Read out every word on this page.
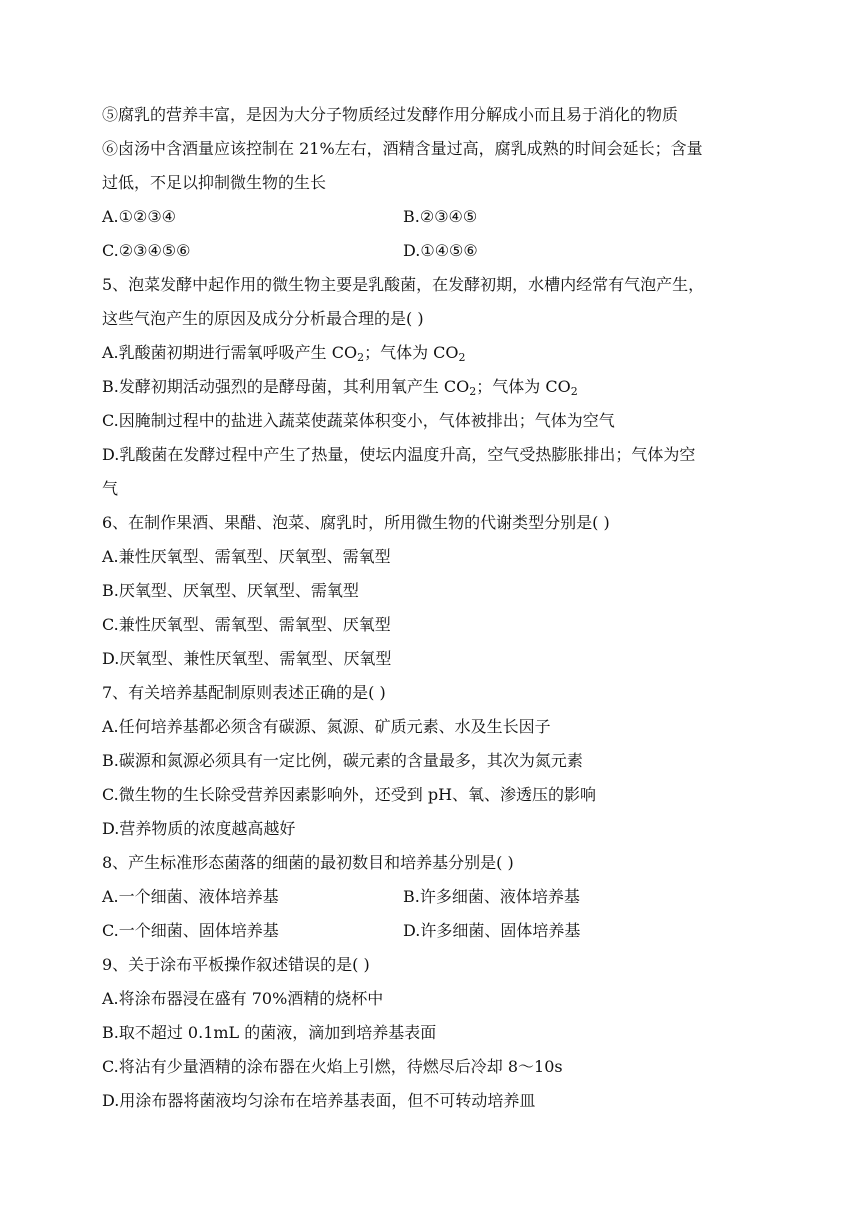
⑤腐乳的营养丰富，是因为大分子物质经过发酵作用分解成小而且易于消化的物质
⑥卤汤中含酒量应该控制在 21%左右，酒精含量过高，腐乳成熟的时间会延长；含量
过低，不足以抑制微生物的生长
A.①②③④	B.②③④⑤
C.②③④⑤⑥	D.①④⑤⑥
5、泡菜发酵中起作用的微生物主要是乳酸菌，在发酵初期，水槽内经常有气泡产生，
这些气泡产生的原因及成分分析最合理的是( )
A.乳酸菌初期进行需氧呼吸产生 $CO_2$；气体为 $CO_2$
B.发酵初期活动强烈的是酵母菌，其利用氧产生 $CO_2$；气体为 $CO_2$
C.因腌制过程中的盐进入蔬菜使蔬菜体积变小，气体被排出；气体为空气
D.乳酸菌在发酵过程中产生了热量，使坛内温度升高，空气受热膨胀排出；气体为空
气
6、在制作果酒、果醋、泡菜、腐乳时，所用微生物的代谢类型分别是( )
A.兼性厌氧型、需氧型、厌氧型、需氧型
B.厌氧型、厌氧型、厌氧型、需氧型
C.兼性厌氧型、需氧型、需氧型、厌氧型
D.厌氧型、兼性厌氧型、需氧型、厌氧型
7、有关培养基配制原则表述正确的是( )
A.任何培养基都必须含有碳源、氮源、矿质元素、水及生长因子
B.碳源和氮源必须具有一定比例，碳元素的含量最多，其次为氮元素
C.微生物的生长除受营养因素影响外，还受到 pH、氧、渗透压的影响
D.营养物质的浓度越高越好
8、产生标准形态菌落的细菌的最初数目和培养基分别是( )
A.一个细菌、液体培养基	B.许多细菌、液体培养基
C.一个细菌、固体培养基	D.许多细菌、固体培养基
9、关于涂布平板操作叙述错误的是( )
A.将涂布器浸在盛有 70%酒精的烧杯中
B.取不超过 0.1mL 的菌液，滴加到培养基表面
C.将沾有少量酒精的涂布器在火焰上引燃，待燃尽后冷却 8～10s
D.用涂布器将菌液均匀涂布在培养基表面，但不可转动培养皿
